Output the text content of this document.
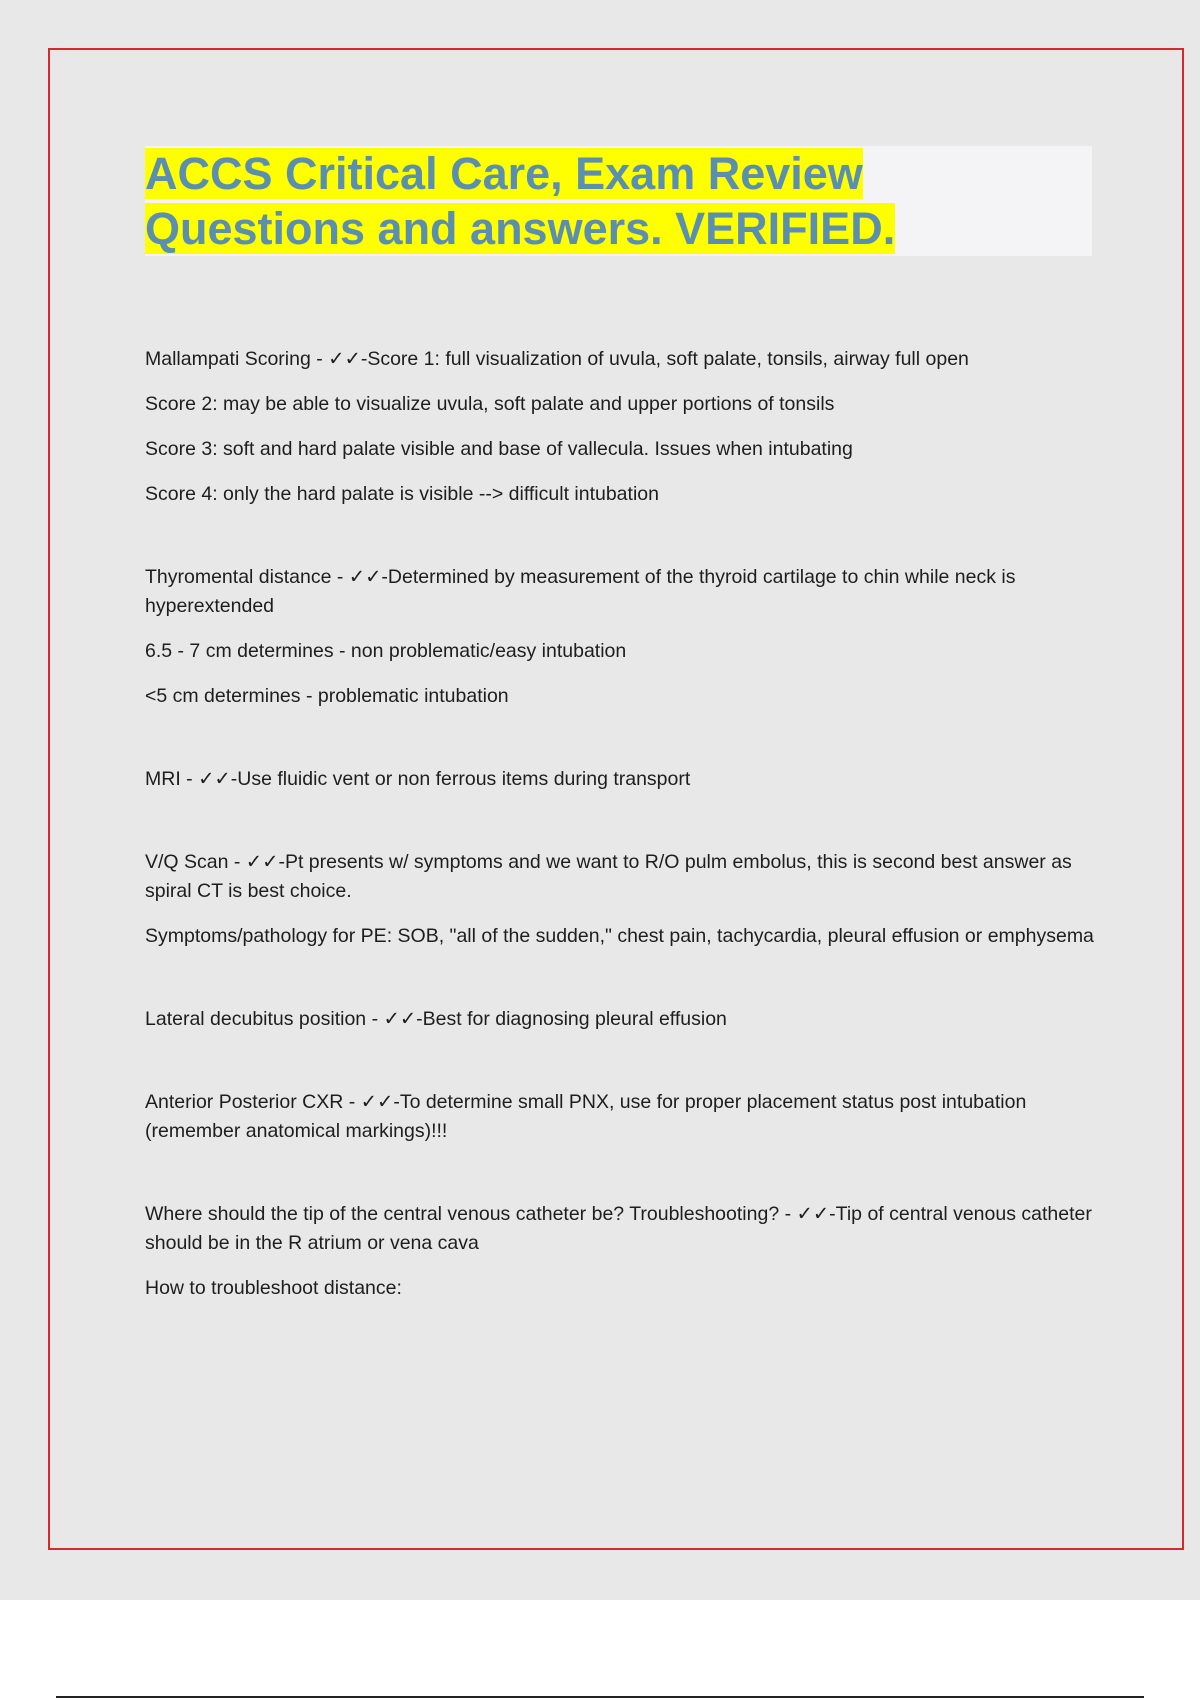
ACCS Critical Care, Exam Review
Questions and answers. VERIFIED.

Mallampati Scoring - ✓✓-Score 1: full visualization of uvula, soft palate, tonsils, airway full open

Score 2: may be able to visualize uvula, soft palate and upper portions of tonsils

Score 3: soft and hard palate visible and base of vallecula. Issues when intubating

Score 4: only the hard palate is visible --> difficult intubation

Thyromental distance - ✓✓-Determined by measurement of the thyroid cartilage to chin while neck is hyperextended

6.5 - 7 cm determines - non problematic/easy intubation

<5 cm determines - problematic intubation

MRI - ✓✓-Use fluidic vent or non ferrous items during transport

V/Q Scan - ✓✓-Pt presents w/ symptoms and we want to R/O pulm embolus, this is second best answer as spiral CT is best choice.

Symptoms/pathology for PE: SOB, "all of the sudden," chest pain, tachycardia, pleural effusion or emphysema

Lateral decubitus position - ✓✓-Best for diagnosing pleural effusion

Anterior Posterior CXR - ✓✓-To determine small PNX, use for proper placement status post intubation (remember anatomical markings)!!!

Where should the tip of the central venous catheter be? Troubleshooting? - ✓✓-Tip of central venous catheter should be in the R atrium or vena cava

How to troubleshoot distance:
